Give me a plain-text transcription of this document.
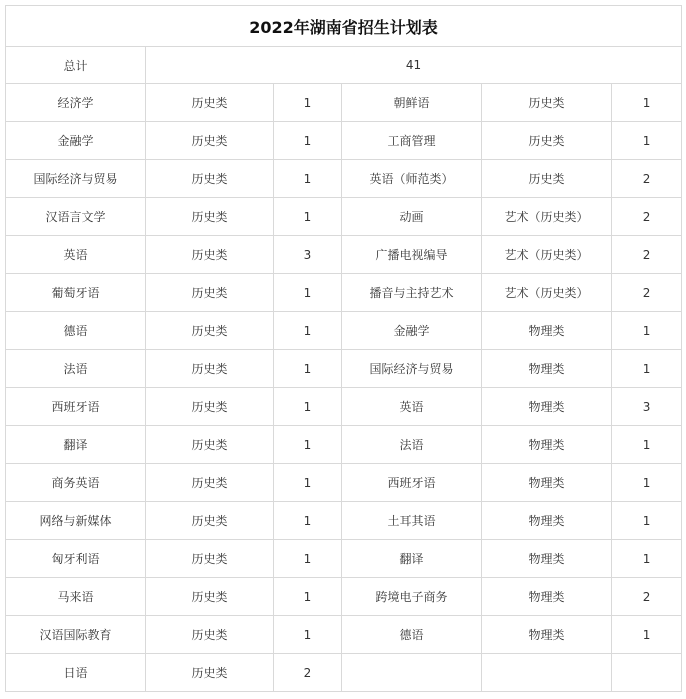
2022年湖南省招生计划表					
总计	41				
经济学	历史类	1	朝鲜语	历史类	1
金融学	历史类	1	工商管理	历史类	1
国际经济与贸易	历史类	1	英语（师范类）	历史类	2
汉语言文学	历史类	1	动画	艺术（历史类）	2
英语	历史类	3	广播电视编导	艺术（历史类）	2
葡萄牙语	历史类	1	播音与主持艺术	艺术（历史类）	2
德语	历史类	1	金融学	物理类	1
法语	历史类	1	国际经济与贸易	物理类	1
西班牙语	历史类	1	英语	物理类	3
翻译	历史类	1	法语	物理类	1
商务英语	历史类	1	西班牙语	物理类	1
网络与新媒体	历史类	1	土耳其语	物理类	1
匈牙利语	历史类	1	翻译	物理类	1
马来语	历史类	1	跨境电子商务	物理类	2
汉语国际教育	历史类	1	德语	物理类	1
日语	历史类	2			
